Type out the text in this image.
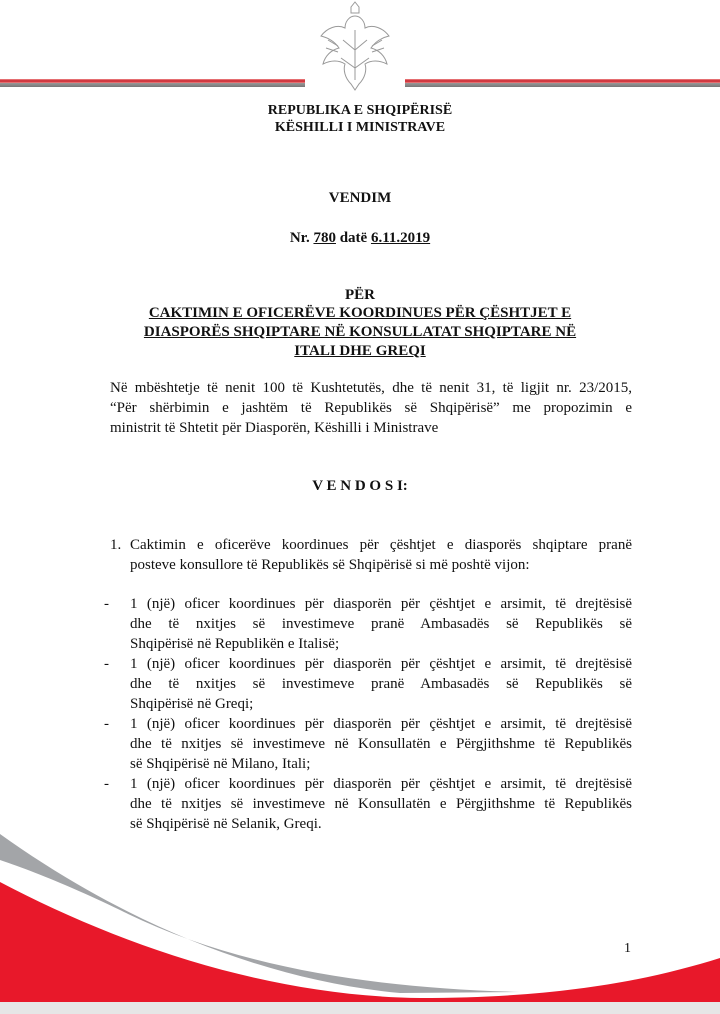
REPUBLIKA E SHQIPËRISË
KËSHILLI I MINISTRAVE
VENDIM
Nr. 780 datë 6.11.2019
PËR
CAKTIMIN E OFICERËVE KOORDINUES PËR ÇËSHTJET E
DIASPORËS SHQIPTARE NË KONSULLATAT SHQIPTARE NË
ITALI DHE GREQI
Në mbështetje të nenit 100 të Kushtetutës, dhe të nenit 31, të ligjit nr. 23/2015,
“Për shërbimin e jashtëm të Republikës së Shqipërisë” me propozimin e
ministrit të Shtetit për Diasporën, Këshilli i Ministrave
V E N D O S I:
1. Caktimin e oficerëve koordinues për çështjet e diasporës shqiptare pranë
posteve konsullore të Republikës së Shqipërisë si më poshtë vijon:
- 1 (një) oficer koordinues për diasporën për çështjet e arsimit, të drejtësisë
dhe të nxitjes së investimeve pranë Ambasadës së Republikës së
Shqipërisë në Republikën e Italisë;
- 1 (një) oficer koordinues për diasporën për çështjet e arsimit, të drejtësisë
dhe të nxitjes së investimeve pranë Ambasadës së Republikës së
Shqipërisë në Greqi;
- 1 (një) oficer koordinues për diasporën për çështjet e arsimit, të drejtësisë
dhe të nxitjes së investimeve në Konsullatën e Përgjithshme të Republikës
së Shqipërisë në Milano, Itali;
- 1 (një) oficer koordinues për diasporën për çështjet e arsimit, të drejtësisë
dhe të nxitjes së investimeve në Konsullatën e Përgjithshme të Republikës
së Shqipërisë në Selanik, Greqi.
1
